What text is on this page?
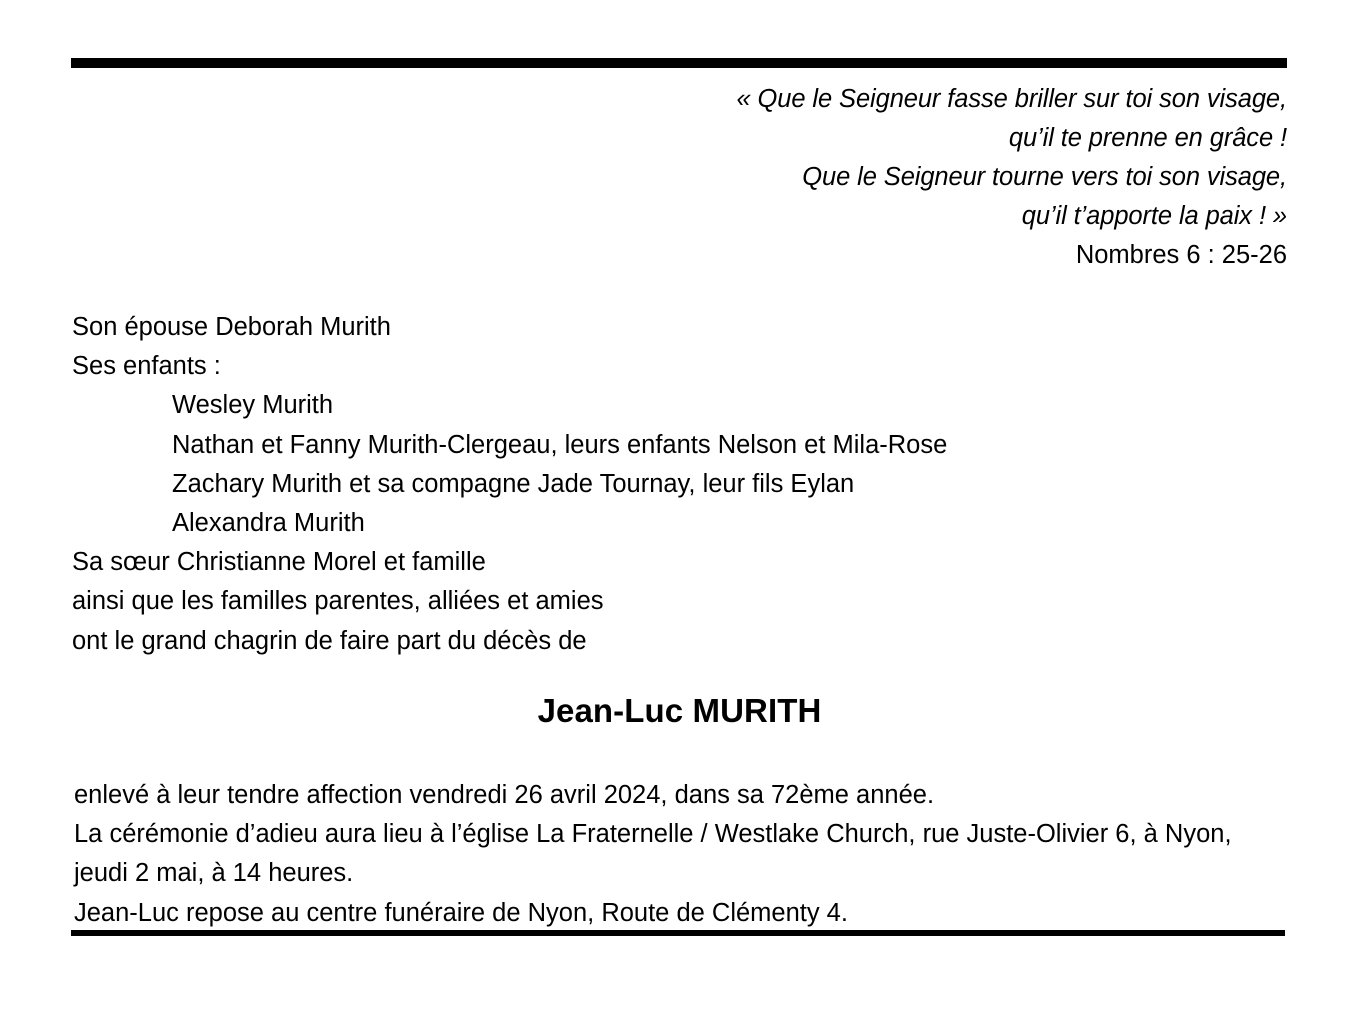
« Que le Seigneur fasse briller sur toi son visage,
qu’il te prenne en grâce !
Que le Seigneur tourne vers toi son visage,
qu’il t’apporte la paix ! »
Nombres 6 : 25-26
Son épouse Deborah Murith
Ses enfants :
Wesley Murith
Nathan et Fanny Murith-Clergeau, leurs enfants Nelson et Mila-Rose
Zachary Murith et sa compagne Jade Tournay, leur fils Eylan
Alexandra Murith
Sa sœur Christianne Morel et famille
ainsi que les familles parentes, alliées et amies
ont le grand chagrin de faire part du décès de
Jean-Luc MURITH
enlevé à leur tendre affection vendredi 26 avril 2024, dans sa 72ème année.
La cérémonie d’adieu aura lieu à l’église La Fraternelle / Westlake Church, rue Juste-Olivier 6, à Nyon, jeudi 2 mai, à 14 heures.
Jean-Luc repose au centre funéraire de Nyon, Route de Clémenty 4.
